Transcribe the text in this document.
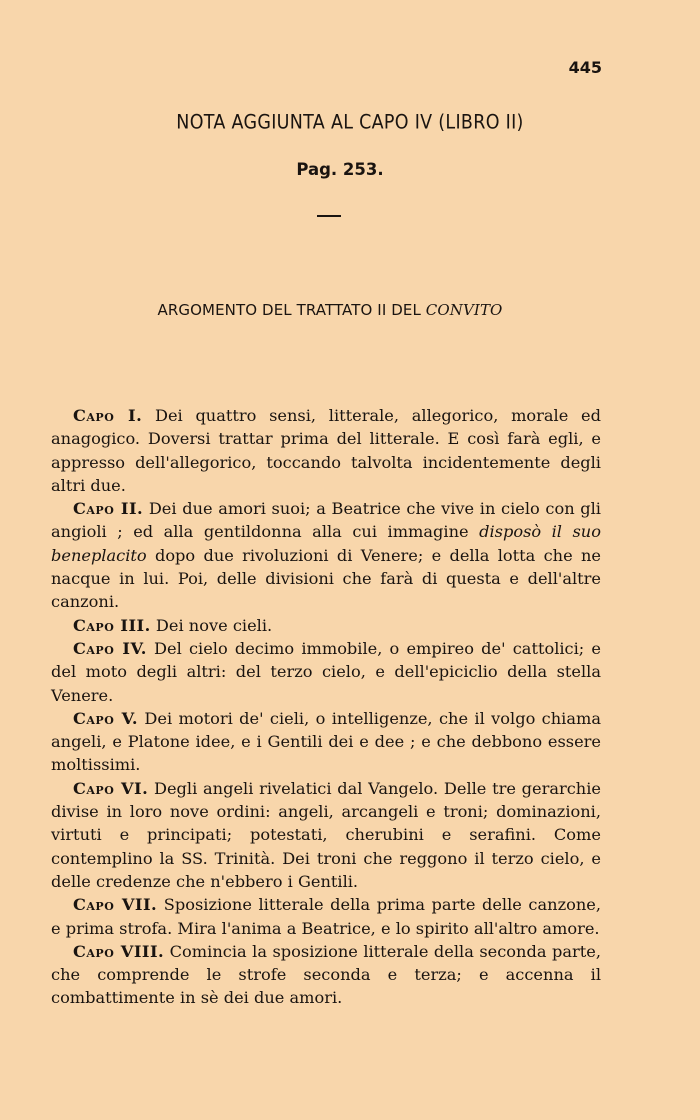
445
NOTA AGGIUNTA AL CAPO IV (LIBRO II)
Pag. 253.
ARGOMENTO DEL TRATTATO II DEL CONVITO

Capo I. Dei quattro sensi, litterale, allegorico, morale ed anagogico. Doversi trattar prima del litterale. E così farà egli, e appresso dell'allegorico, toccando talvolta incidentemente degli altri due.

Capo II. Dei due amori suoi; a Beatrice che vive in cielo con gli angioli ; ed alla gentildonna alla cui immagine disposò il suo beneplacito dopo due rivoluzioni di Venere; e della lotta che ne nacque in lui. Poi, delle divisioni che farà di questa e dell'altre canzoni.

Capo III. Dei nove cieli.

Capo IV. Del cielo decimo immobile, o empireo de' cattolici; e del moto degli altri: del terzo cielo, e dell'epiciclio della stella Venere.

Capo V. Dei motori de' cieli, o intelligenze, che il volgo chiama angeli, e Platone idee, e i Gentili dei e dee ; e che debbono essere moltissimi.

Capo VI. Degli angeli rivelatici dal Vangelo. Delle tre gerarchie divise in loro nove ordini: angeli, arcangeli e troni; dominazioni, virtuti e principati; potestati, cherubini e serafini. Come contemplino la SS. Trinità. Dei troni che reggono il terzo cielo, e delle credenze che n'ebbero i Gentili.

Capo VII. Sposizione litterale della prima parte delle canzone, e prima strofa. Mira l'anima a Beatrice, e lo spirito all'altro amore.

Capo VIII. Comincia la sposizione litterale della seconda parte, che comprende le strofe seconda e terza; e accenna il combattimente in sè dei due amori.
